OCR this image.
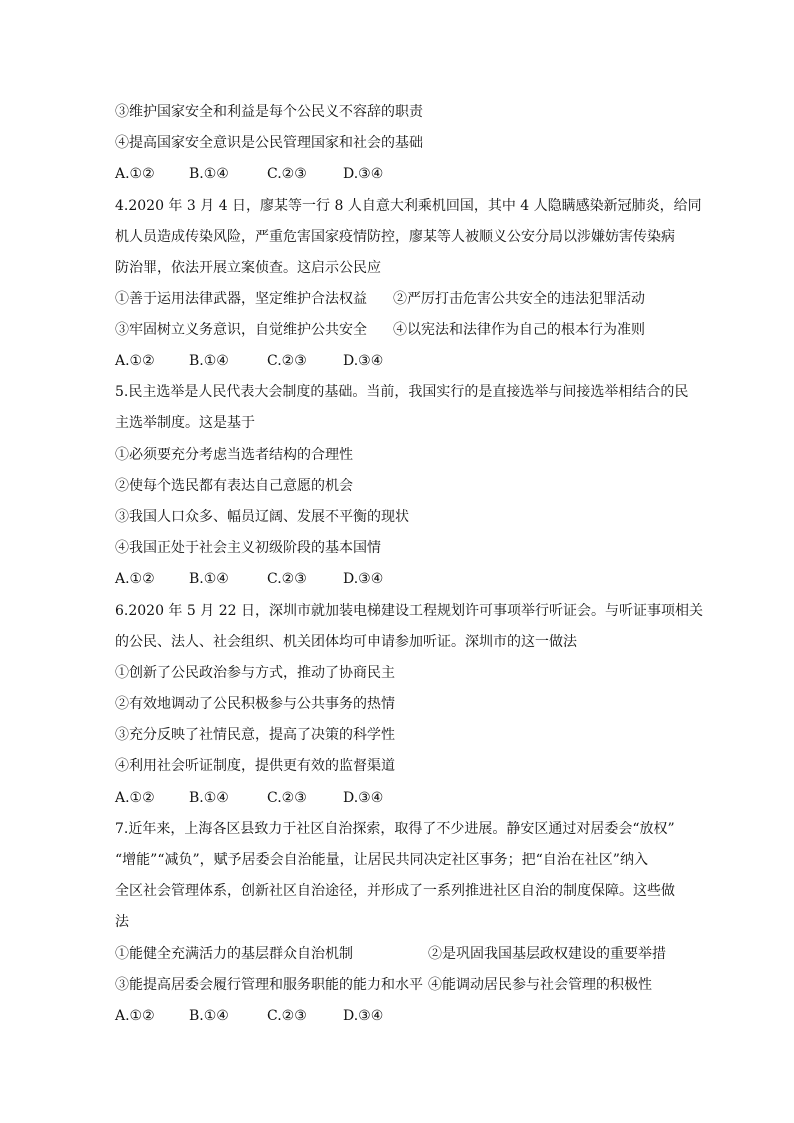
③维护国家安全和利益是每个公民义不容辞的职责
④提高国家安全意识是公民管理国家和社会的基础
A.①② B.①④	C.②③	D.③④
4.2020 年 3 月 4 日，廖某等一行 8 人自意大利乘机回国，其中 4 人隐瞒感染新冠肺炎，给同
机人员造成传染风险，严重危害国家疫情防控，廖某等人被顺义公安分局以涉嫌妨害传染病
防治罪，依法开展立案侦查。这启示公民应
①善于运用法律武器，坚定维护合法权益 ②严厉打击危害公共安全的违法犯罪活动
③牢固树立义务意识，自觉维护公共安全 ④以宪法和法律作为自己的根本行为准则
A.①② B.①④	C.②③	D.③④
5.民主选举是人民代表大会制度的基础。当前，我国实行的是直接选举与间接选举相结合的民
主选举制度。这是基于
①必须要充分考虑当选者结构的合理性
②使每个选民都有表达自己意愿的机会
③我国人口众多、幅员辽阔、发展不平衡的现状
④我国正处于社会主义初级阶段的基本国情
A.①② B.①④	C.②③	D.③④
6.2020 年 5 月 22 日，深圳市就加装电梯建设工程规划许可事项举行听证会。与听证事项相关
的公民、法人、社会组织、机关团体均可申请参加听证。深圳市的这一做法
①创新了公民政治参与方式，推动了协商民主
②有效地调动了公民积极参与公共事务的热情
③充分反映了社情民意，提高了决策的科学性
④利用社会听证制度，提供更有效的监督渠道
A.①② B.①④	C.②③	D.③④
7.近年来，上海各区县致力于社区自治探索，取得了不少进展。静安区通过对居委会“放权”
“增能”“减负”，赋予居委会自治能量，让居民共同决定社区事务；把“自治在社区”纳入
全区社会管理体系，创新社区自治途径，并形成了一系列推进社区自治的制度保障。这些做
法
①能健全充满活力的基层群众自治机制	②是巩固我国基层政权建设的重要举措
③能提高居委会履行管理和服务职能的能力和水平 ④能调动居民参与社会管理的积极性
A.①② B.①④	C.②③	D.③④
